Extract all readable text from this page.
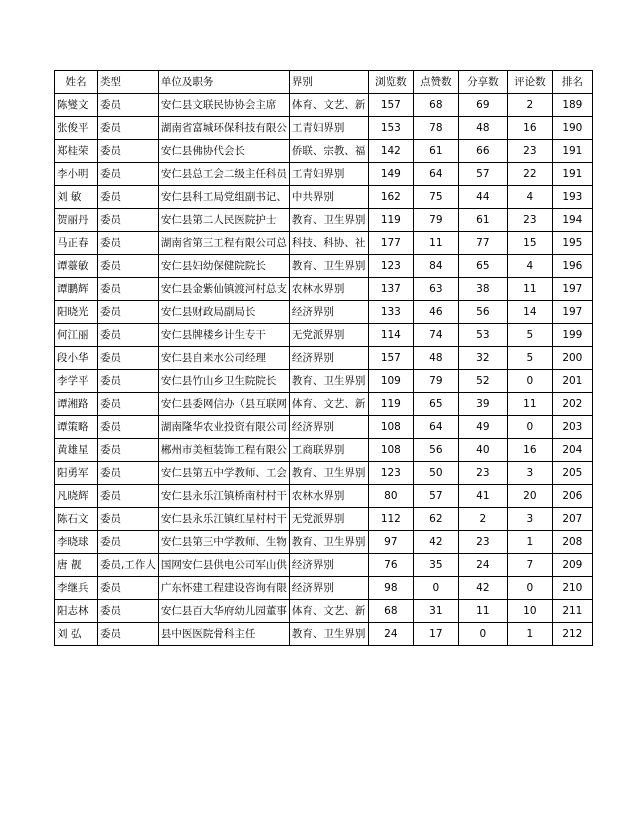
姓名	类型	单位及职务	界别	浏览数	点赞数	分享数	评论数	排名
陈燮文	委员	安仁县文联民协协会主席	体育、文艺、新	157	68	69	2	189
张俊平	委员	湖南省富城环保科技有限公	工青妇界别	153	78	48	16	190
郑桂荣	委员	安仁县佛协代会长	侨联、宗教、福	142	61	66	23	191
李小明	委员	安仁县总工会二级主任科员	工青妇界别	149	64	57	22	191
刘 敏	委员	安仁县科工局党组副书记、	中共界别	162	75	44	4	193
贺丽丹	委员	安仁县第二人民医院护士	教育、卫生界别	119	79	61	23	194
马正春	委员	湖南省第三工程有限公司总	科技、科协、社	177	11	77	15	195
谭薹敏	委员	安仁县妇幼保健院院长	教育、卫生界别	123	84	65	4	196
谭鹏辉	委员	安仁县金紫仙镇渡河村总支	农林水界别	137	63	38	11	197
阳晓光	委员	安仁县财政局副局长	经济界别	133	46	56	14	197
何江丽	委员	安仁县牌楼乡计生专干	无党派界别	114	74	53	5	199
段小华	委员	安仁县自来水公司经理	经济界别	157	48	32	5	200
李学平	委员	安仁县竹山乡卫生院院长	教育、卫生界别	109	79	52	0	201
谭湘路	委员	安仁县委网信办（县互联网	体育、文艺、新	119	65	39	11	202
谭策略	委员	湖南隆华农业投资有限公司	经济界别	108	64	49	0	203
黄雄星	委员	郴州市美桓装饰工程有限公	工商联界别	108	56	40	16	204
阳勇军	委员	安仁县第五中学教师、工会	教育、卫生界别	123	50	23	3	205
凡晓辉	委员	安仁县永乐江镇桥南村村干	农林水界别	80	57	41	20	206
陈石文	委员	安仁县永乐江镇红星村村干	无党派界别	112	62	2	3	207
李晓球	委员	安仁县第三中学教师、生物	教育、卫生界别	97	42	23	1	208
唐 靓	委员,工作人	国网安仁县供电公司军山供	经济界别	76	35	24	7	209
李继兵	委员	广东怀建工程建设咨询有限	经济界别	98	0	42	0	210
阳志林	委员	安仁县百大华府幼儿园董事	体育、文艺、新	68	31	11	10	211
刘 弘	委员	县中医医院骨科主任	教育、卫生界别	24	17	0	1	212
